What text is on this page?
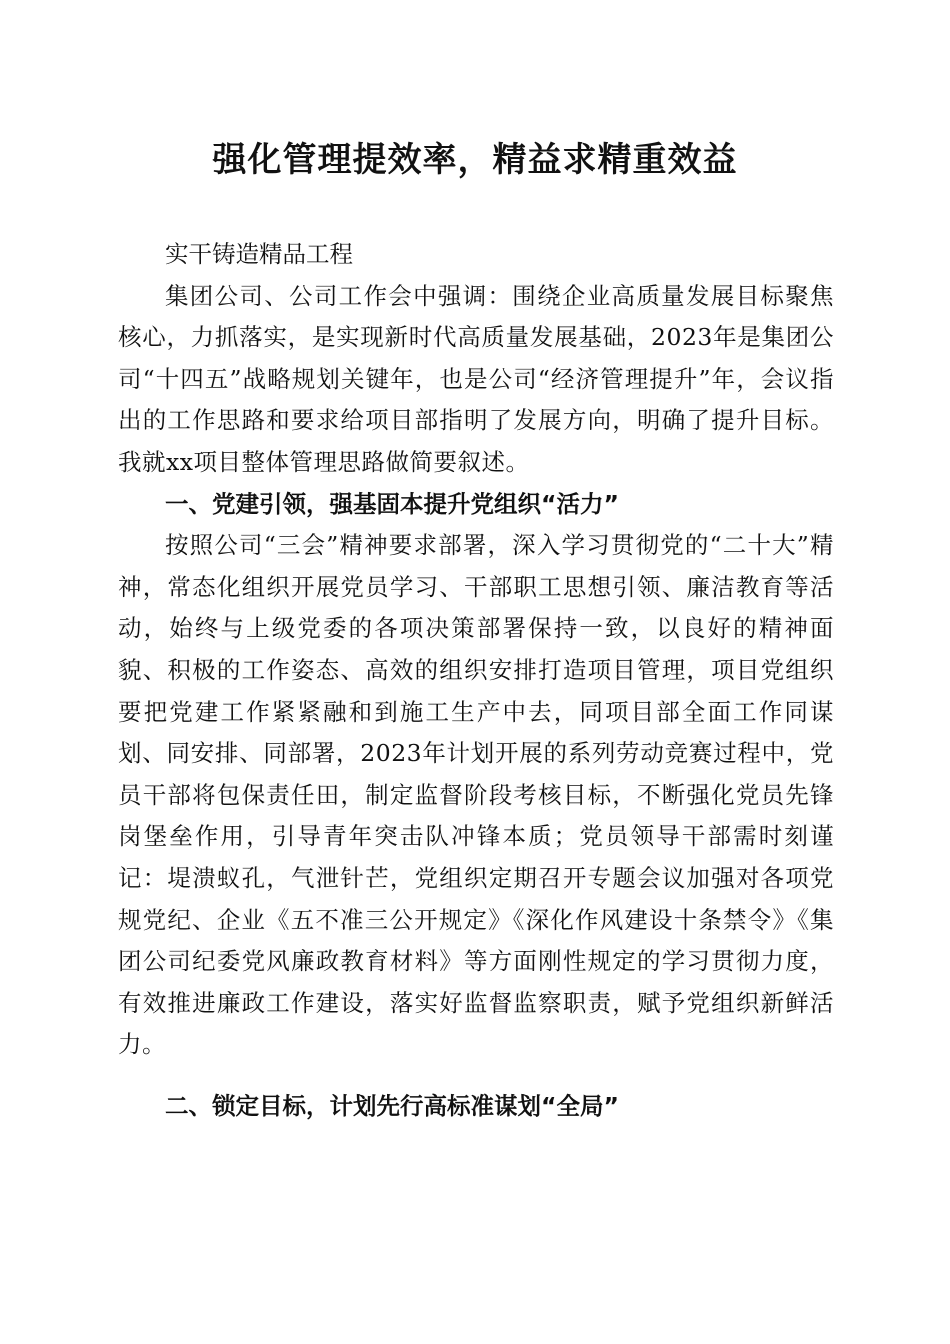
强化管理提效率，精益求精重效益

实干铸造精品工程

集团公司、公司工作会中强调：围绕企业高质量发展目标聚焦核心，力抓落实，是实现新时代高质量发展基础，2023年是集团公司“十四五”战略规划关键年，也是公司“经济管理提升”年，会议指出的工作思路和要求给项目部指明了发展方向，明确了提升目标。我就xx项目整体管理思路做简要叙述。

一、党建引领，强基固本提升党组织“活力”

按照公司“三会”精神要求部署，深入学习贯彻党的“二十大”精神，常态化组织开展党员学习、干部职工思想引领、廉洁教育等活动，始终与上级党委的各项决策部署保持一致，以良好的精神面貌、积极的工作姿态、高效的组织安排打造项目管理，项目党组织要把党建工作紧紧融和到施工生产中去，同项目部全面工作同谋划、同安排、同部署，2023年计划开展的系列劳动竞赛过程中，党员干部将包保责任田，制定监督阶段考核目标，不断强化党员先锋岗堡垒作用，引导青年突击队冲锋本质；党员领导干部需时刻谨记：堤溃蚁孔，气泄针芒，党组织定期召开专题会议加强对各项党规党纪、企业《五不准三公开规定》《深化作风建设十条禁令》《集团公司纪委党风廉政教育材料》等方面刚性规定的学习贯彻力度，有效推进廉政工作建设，落实好监督监察职责，赋予党组织新鲜活力。

二、锁定目标，计划先行高标准谋划“全局”
